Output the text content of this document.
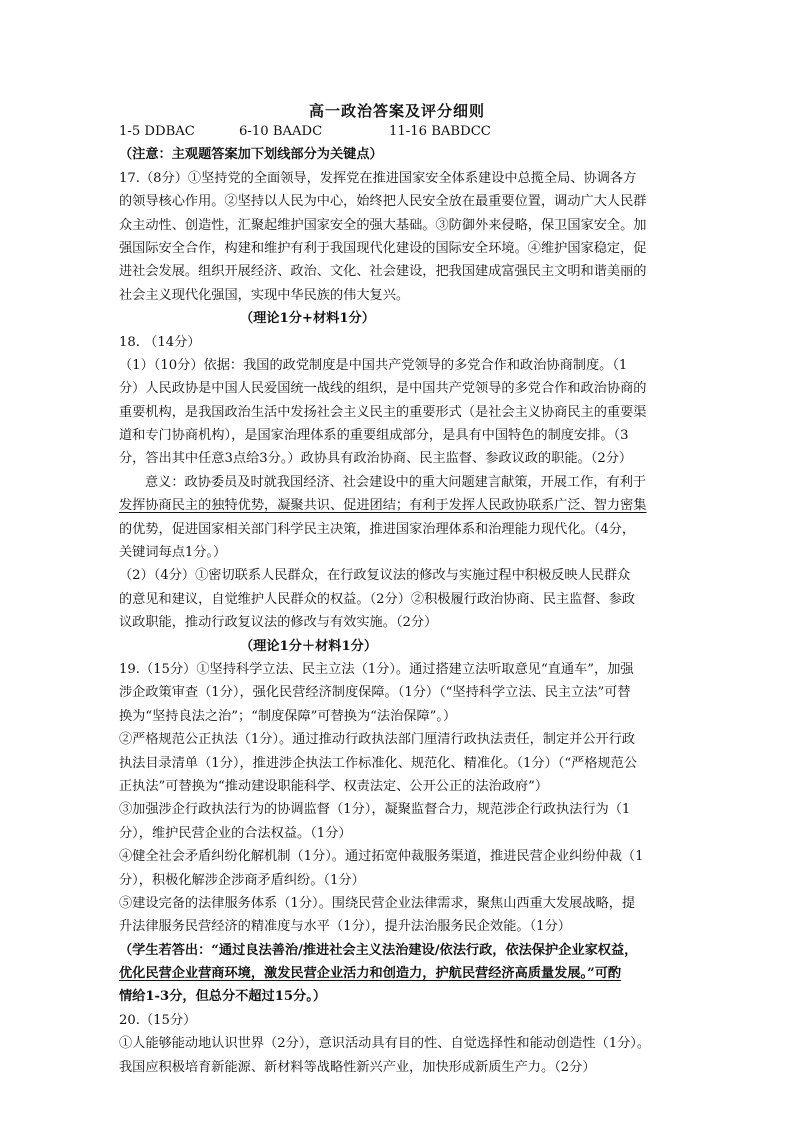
高一政治答案及评分细则
1-5 DDBAC	6-10 BAADC	11-16 BABDCC
（注意：主观题答案加下划线部分为关键点）
17.（8分）①坚持党的全面领导，发挥党在推进国家安全体系建设中总揽全局、协调各方
的领导核心作用。②坚持以人民为中心，始终把人民安全放在最重要位置，调动广大人民群
众主动性、创造性，汇聚起维护国家安全的强大基础。③防御外来侵略，保卫国家安全。加
强国际安全合作，构建和维护有利于我国现代化建设的国际安全环境。④维护国家稳定，促
进社会发展。组织开展经济、政治、文化、社会建设，把我国建成富强民主文明和谐美丽的
社会主义现代化强国，实现中华民族的伟大复兴。
（理论1分+材料1分）
18. （14分）
（1）（10分）依据：我国的政党制度是中国共产党领导的多党合作和政治协商制度。（1
分）人民政协是中国人民爱国统一战线的组织，是中国共产党领导的多党合作和政治协商的
重要机构，是我国政治生活中发扬社会主义民主的重要形式（是社会主义协商民主的重要渠
道和专门协商机构），是国家治理体系的重要组成部分，是具有中国特色的制度安排。（3
分，答出其中任意3点给3分。）政协具有政治协商、民主监督、参政议政的职能。（2分）
意义：政协委员及时就我国经济、社会建设中的重大问题建言献策，开展工作，有利于
发挥协商民主的独特优势，凝聚共识、促进团结；有利于发挥人民政协联系广泛、智力密集
的优势，促进国家相关部门科学民主决策，推进国家治理体系和治理能力现代化。（4分，
关键词每点1分。）
（2）（4分）①密切联系人民群众，在行政复议法的修改与实施过程中积极反映人民群众
的意见和建议，自觉维护人民群众的权益。（2分）②积极履行政治协商、民主监督、参政
议政职能，推动行政复议法的修改与有效实施。（2分）
（理论1分＋材料1分）
19.（15分）①坚持科学立法、民主立法（1分）。通过搭建立法听取意见“直通车”，加强
涉企政策审查（1分），强化民营经济制度保障。（1分）（“坚持科学立法、民主立法”可替
换为“坚持良法之治”；“制度保障”可替换为“法治保障”。）
②严格规范公正执法（1分）。通过推动行政执法部门厘清行政执法责任，制定并公开行政
执法目录清单（1分），推进涉企执法工作标准化、规范化、精准化。（1分）（“严格规范公
正执法”可替换为“推动建设职能科学、权责法定、公开公正的法治政府”）
③加强涉企行政执法行为的协调监督（1分），凝聚监督合力，规范涉企行政执法行为（1
分），维护民营企业的合法权益。（1分）
④健全社会矛盾纠纷化解机制（1分）。通过拓宽仲裁服务渠道，推进民营企业纠纷仲裁（1
分），积极化解涉企涉商矛盾纠纷。（1分）
⑤建设完备的法律服务体系（1分）。围绕民营企业法律需求，聚焦山西重大发展战略，提
升法律服务民营经济的精准度与水平（1分），提升法治服务民企效能。（1分）
（学生若答出：“通过良法善治/推进社会主义法治建设/依法行政，依法保护企业家权益，
优化民营企业营商环境，激发民营企业活力和创造力，护航民营经济高质量发展。”可酌
情给1-3分，但总分不超过15分。）
20.（15分）
①人能够能动地认识世界（2分），意识活动具有目的性、自觉选择性和能动创造性（1分）。
我国应积极培育新能源、新材料等战略性新兴产业，加快形成新质生产力。（2分）
